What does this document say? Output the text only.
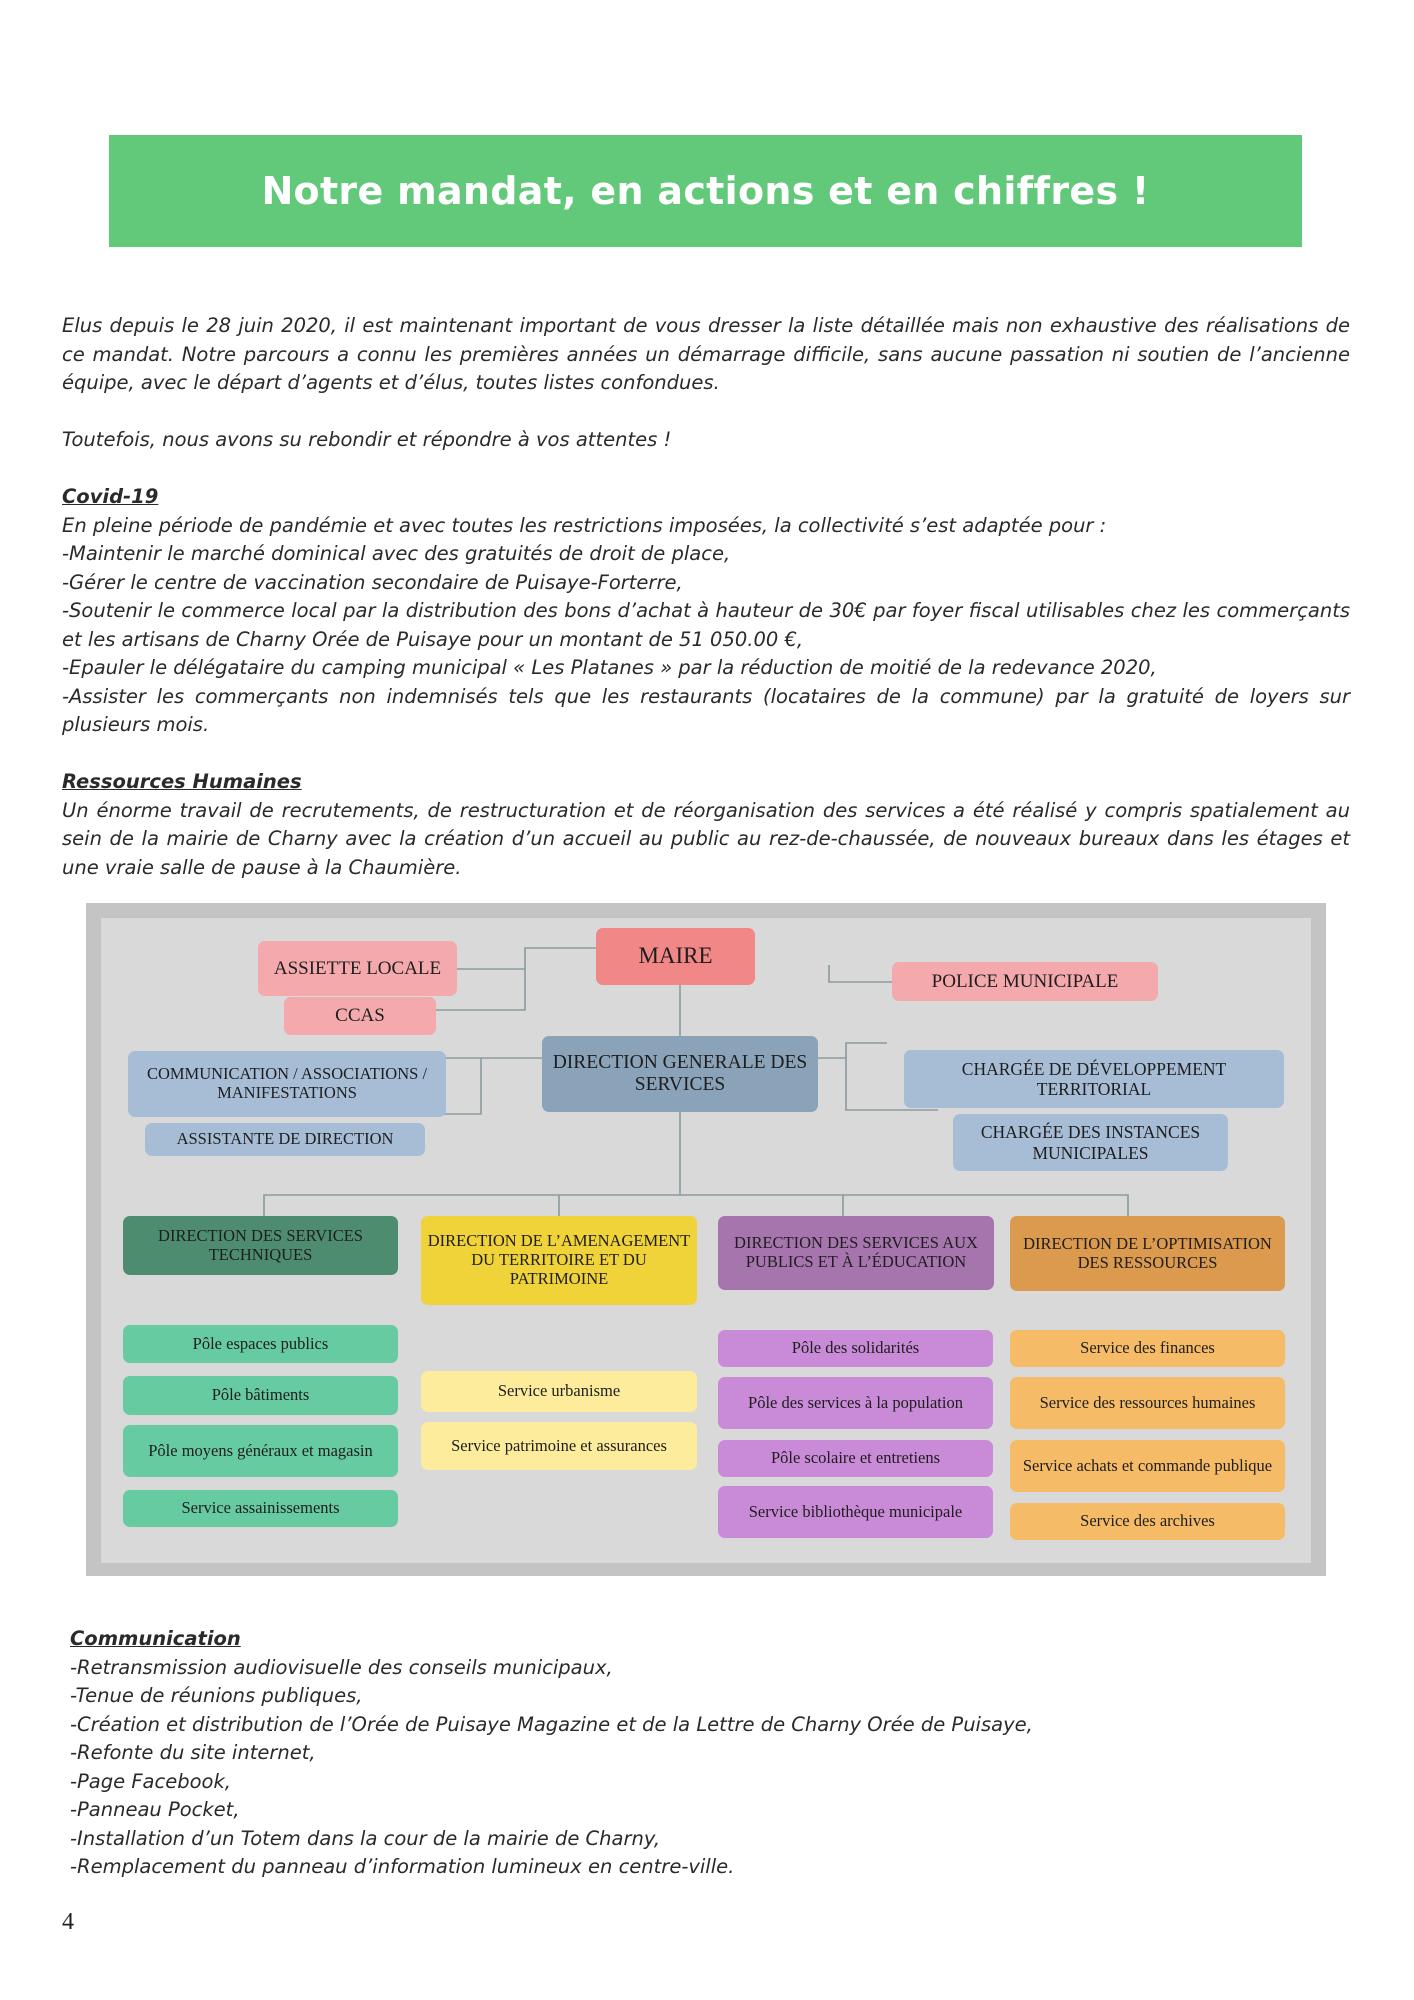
Notre mandat, en actions et en chiffres !

Elus depuis le 28 juin 2020, il est maintenant important de vous dresser la liste détaillée mais non exhaustive des réalisations de ce mandat. Notre parcours a connu les premières années un démarrage difficile, sans aucune passation ni soutien de l’ancienne équipe, avec le départ d’agents et d’élus, toutes listes confondues.

Toutefois, nous avons su rebondir et répondre à vos attentes !

Covid-19

En pleine période de pandémie et avec toutes les restrictions imposées, la collectivité s’est adaptée pour :

-Maintenir le marché dominical avec des gratuités de droit de place,

-Gérer le centre de vaccination secondaire de Puisaye-Forterre,

-Soutenir le commerce local par la distribution des bons d’achat à hauteur de 30€ par foyer fiscal utilisables chez les commerçants et les artisans de Charny Orée de Puisaye pour un montant de 51 050.00 €,

-Epauler le délégataire du camping municipal « Les Platanes » par la réduction de moitié de la redevance 2020,

-Assister les commerçants non indemnisés tels que les restaurants (locataires de la commune) par la gratuité de loyers sur plusieurs mois.

Ressources Humaines

Un énorme travail de recrutements, de restructuration et de réorganisation des services a été réalisé y compris spatialement au sein de la mairie de Charny avec la création d’un accueil au public au rez-de-chaussée, de nouveaux bureaux dans les étages et une vraie salle de pause à la Chaumière.

MAIRE
ASSIETTE LOCALE
CCAS
POLICE MUNICIPALE
COMMUNICATION / ASSOCIATIONS / MANIFESTATIONS
ASSISTANTE DE DIRECTION
DIRECTION GENERALE DES SERVICES
CHARGÉE DE DÉVELOPPEMENT TERRITORIAL
CHARGÉE DES INSTANCES MUNICIPALES
DIRECTION DES SERVICES TECHNIQUES
DIRECTION DE L’AMENAGEMENT DU TERRITOIRE ET DU PATRIMOINE
DIRECTION DES SERVICES AUX PUBLICS ET À L’ÉDUCATION
DIRECTION DE L’OPTIMISATION DES RESSOURCES
Pôle espaces publics
Pôle bâtiments
Pôle moyens généraux et magasin
Service assainissements
Service urbanisme
Service patrimoine et assurances
Pôle des solidarités
Pôle des services à la population
Pôle scolaire et entretiens
Service bibliothèque municipale
Service des finances
Service des ressources humaines
Service achats et commande publique
Service des archives

Communication

-Retransmission audiovisuelle des conseils municipaux,

-Tenue de réunions publiques,

-Création et distribution de l’Orée de Puisaye Magazine et de la Lettre de Charny Orée de Puisaye,

-Refonte du site internet,

-Page Facebook,

-Panneau Pocket,

-Installation d’un Totem dans la cour de la mairie de Charny,

-Remplacement du panneau d’information lumineux en centre-ville.

4
